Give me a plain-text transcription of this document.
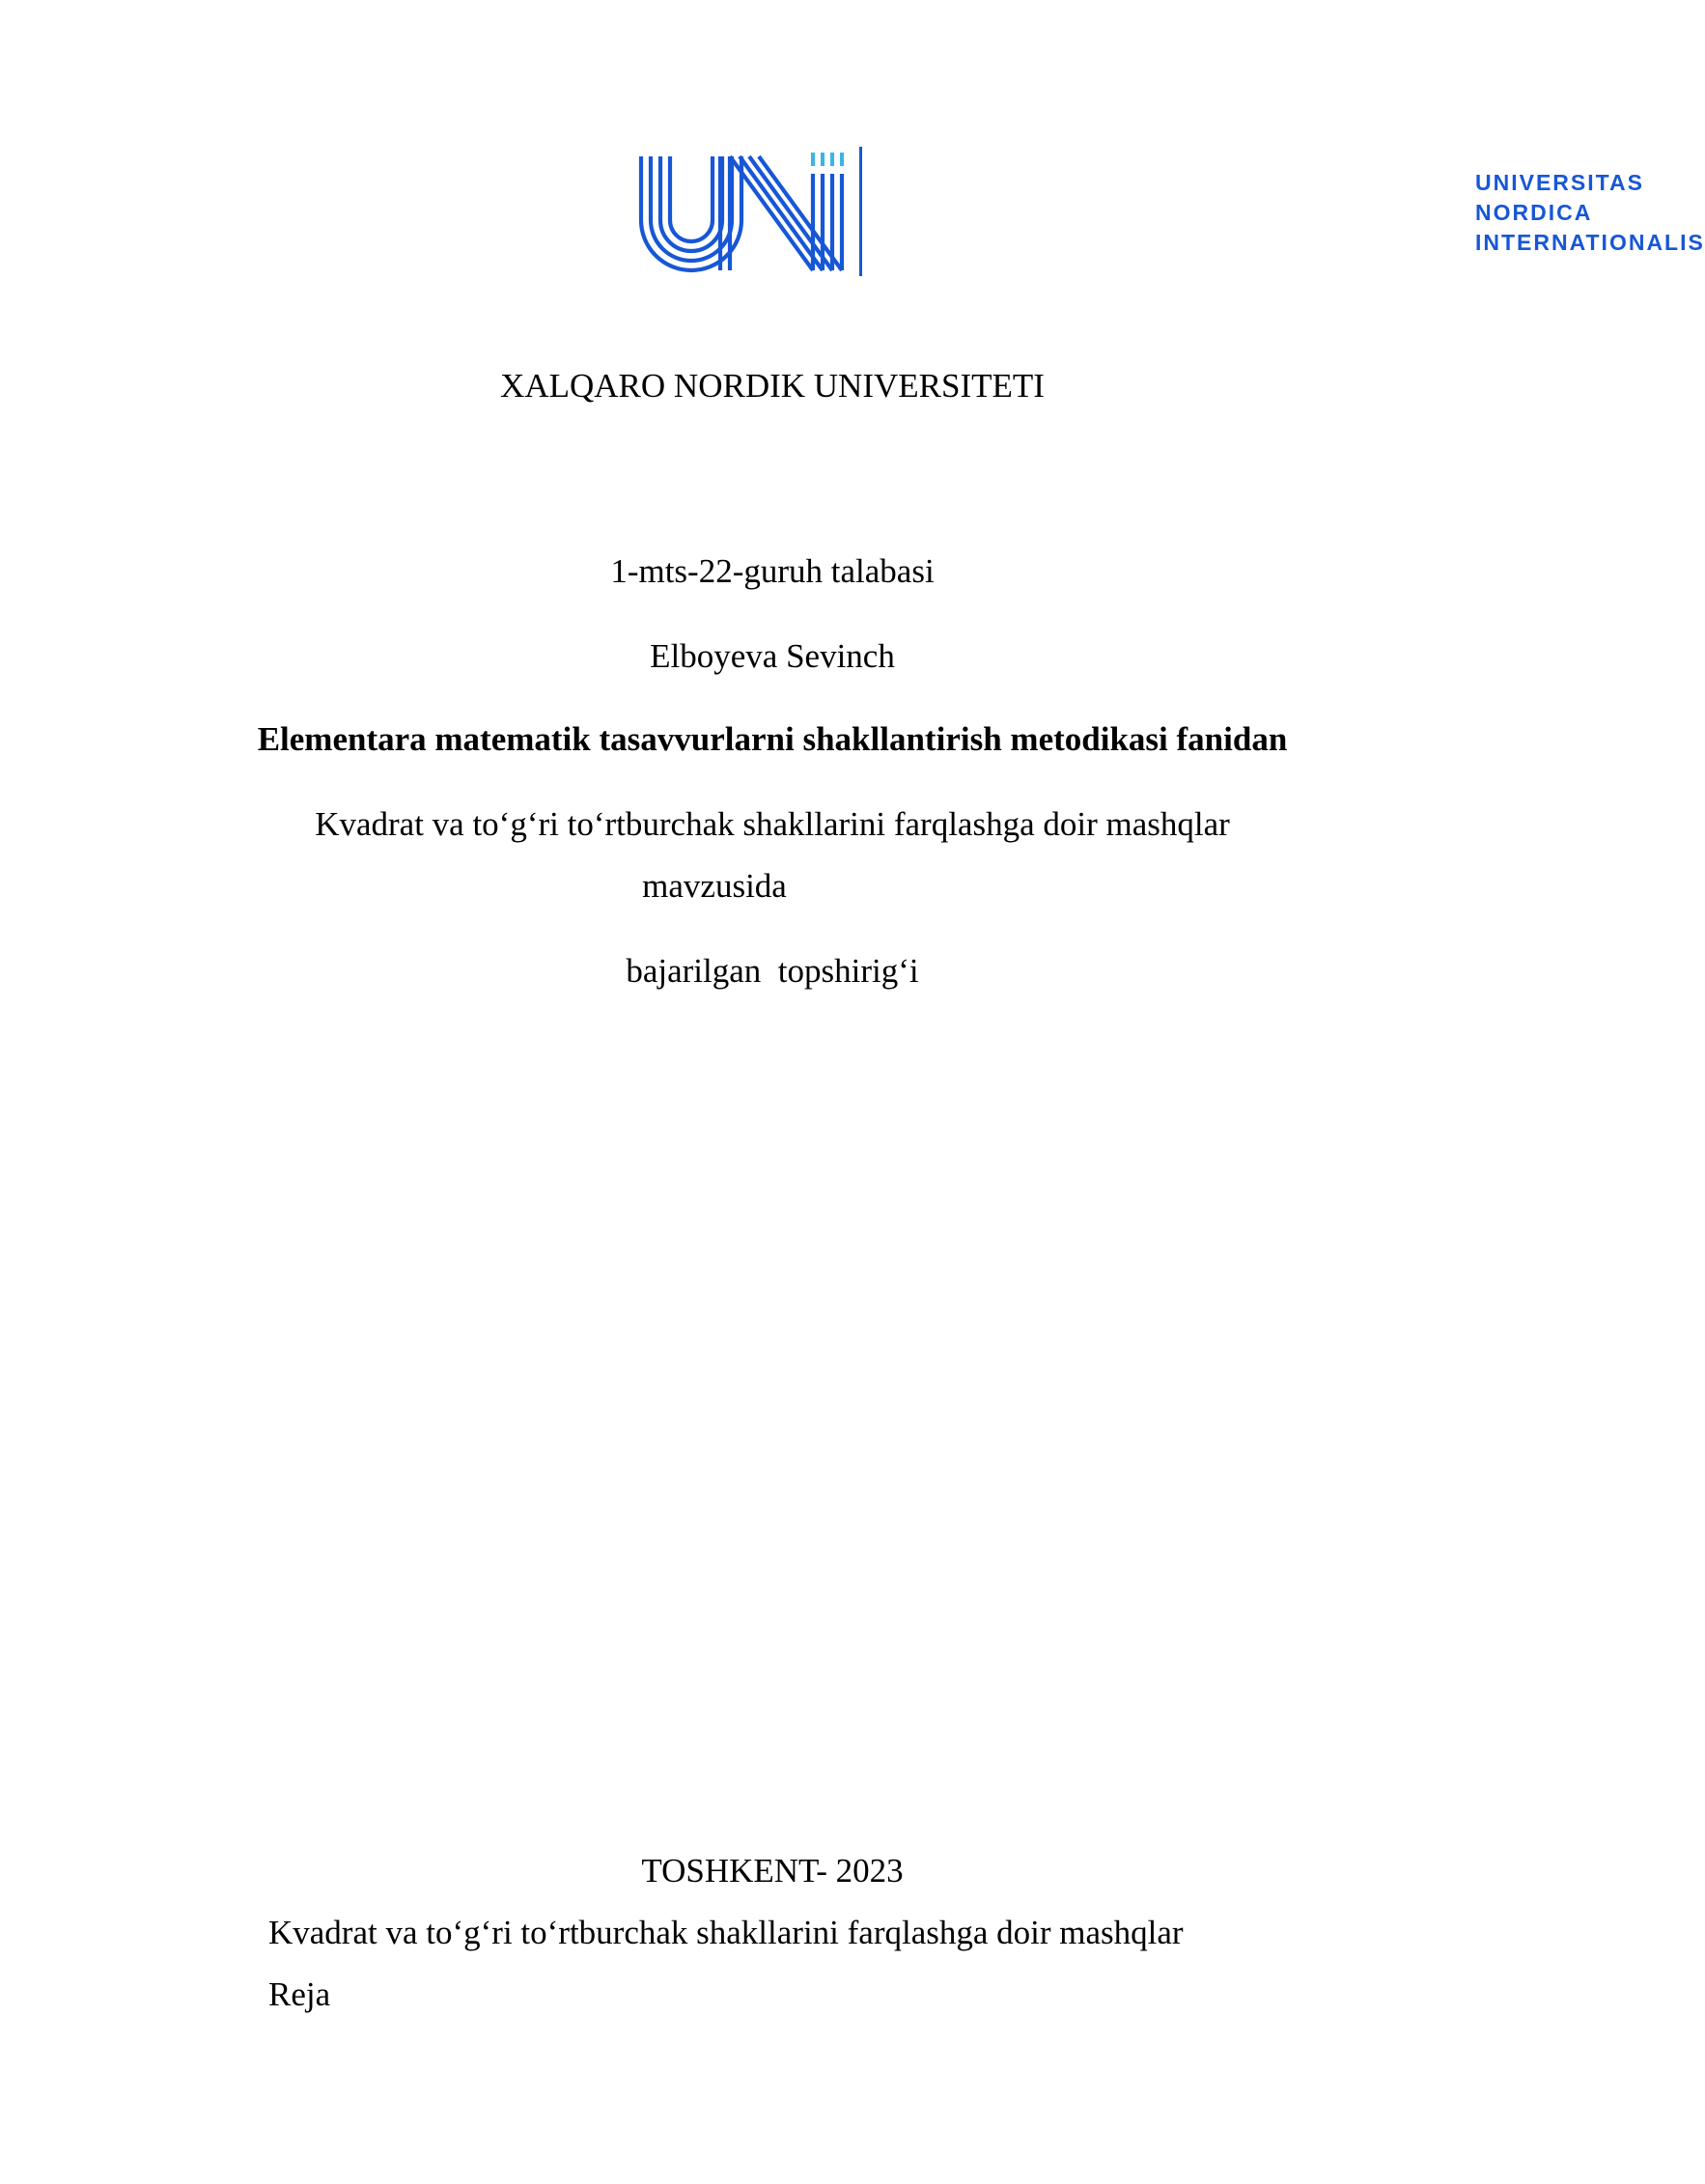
UNIVERSITAS
NORDICA
INTERNATIONALIS
XALQARO NORDIK UNIVERSITETI
1-mts-22-guruh talabasi
Elboyeva Sevinch
Elementara matematik tasavvurlarni shakllantirish metodikasi fanidan
Kvadrat va to‘g‘ri to‘rtburchak shakllarini farqlashga doir mashqlar
mavzusida
bajarilgan  topshirig‘i
TOSHKENT- 2023
Kvadrat va to‘g‘ri to‘rtburchak shakllarini farqlashga doir mashqlar
Reja
